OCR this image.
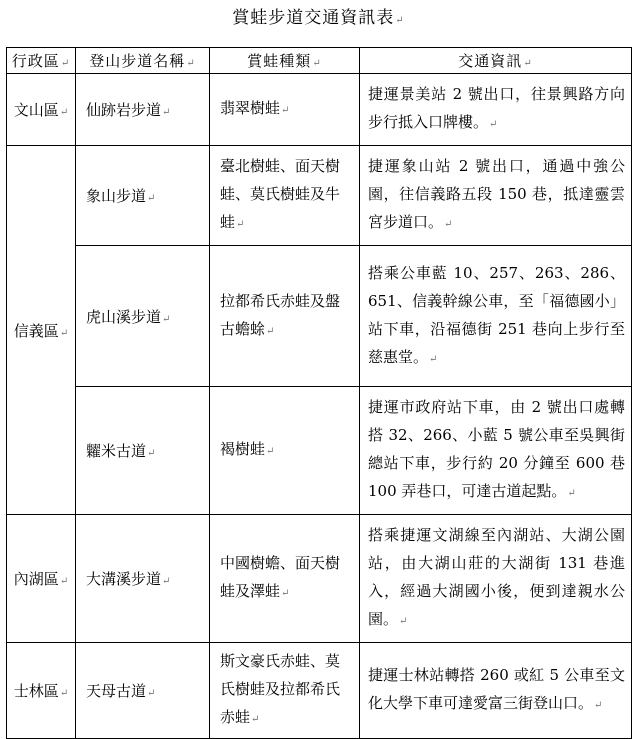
賞蛙步道交通資訊表↵
行政區↵	登山步道名稱↵	賞蛙種類↵	交通資訊↵
文山區↵	仙跡岩步道↵	翡翠樹蛙↵	捷運景美站 2 號出口，往景興路方向步行抵入口牌樓。↵
信義區↵	象山步道↵	臺北樹蛙、面天樹蛙、莫氏樹蛙及牛蛙↵	捷運象山站 2 號出口，通過中強公園，往信義路五段 150 巷，抵達靈雲宮步道口。↵
	虎山溪步道↵	拉都希氏赤蛙及盤古蟾蜍↵	搭乘公車藍 10、257、263、286、651、信義幹線公車，至「福德國小」站下車，沿福德街 251 巷向上步行至慈惠堂。↵
	糶米古道↵	褐樹蛙↵	捷運市政府站下車，由 2 號出口處轉搭 32、266、小藍 5 號公車至吳興街總站下車，步行約 20 分鐘至 600 巷 100 弄巷口，可達古道起點。↵
內湖區↵	大溝溪步道↵	中國樹蟾、面天樹蛙及澤蛙↵	搭乘捷運文湖線至內湖站、大湖公園站，由大湖山莊的大湖街 131 巷進入，經過大湖國小後，便到達親水公園。↵
士林區↵	天母古道↵	斯文豪氏赤蛙、莫氏樹蛙及拉都希氏赤蛙↵	捷運士林站轉搭 260 或紅 5 公車至文化大學下車可達愛富三街登山口。↵
